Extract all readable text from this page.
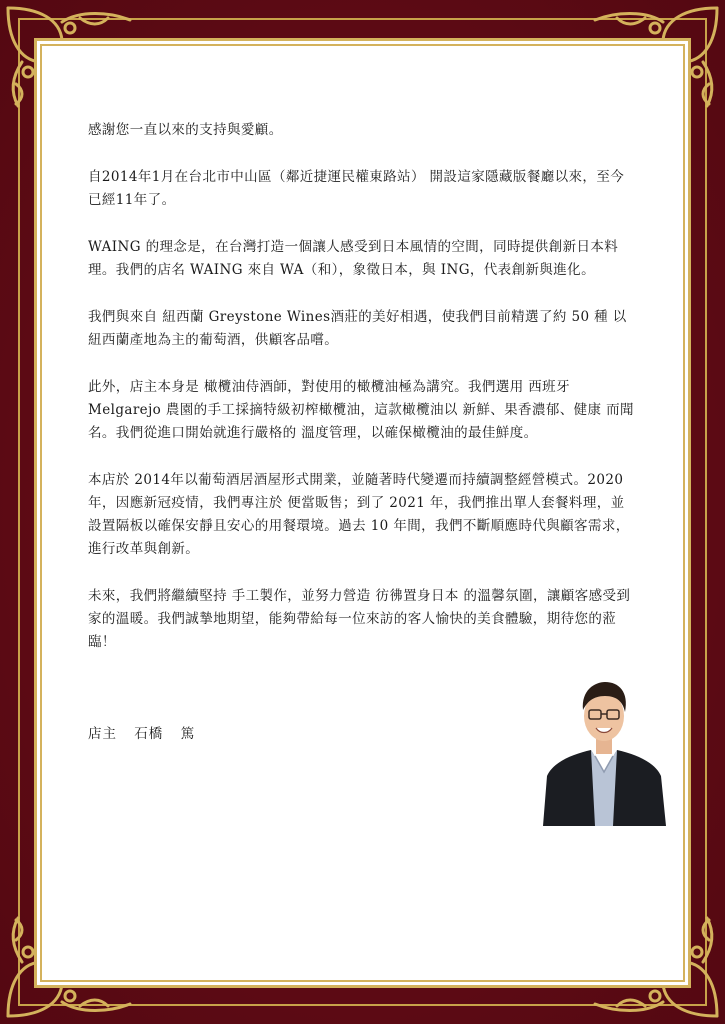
感謝您一直以來的支持與愛顧。

自2014年1月在台北市中山區（鄰近捷運民權東路站） 開設這家隱藏版餐廳以來，至今已經11年了。

WAING 的理念是，在台灣打造一個讓人感受到日本風情的空間，同時提供創新日本料理。我們的店名 WAING 來自 WA（和），象徵日本，與 ING，代表創新與進化。

我們與來自 紐西蘭 Greystone Wines酒莊的美好相遇，使我們目前精選了約 50 種 以紐西蘭產地為主的葡萄酒，供顧客品嚐。

此外，店主本身是 橄欖油侍酒師，對使用的橄欖油極為講究。我們選用 西班牙 Melgarejo 農園的手工採摘特級初榨橄欖油，這款橄欖油以 新鮮、果香濃郁、健康 而聞名。我們從進口開始就進行嚴格的 溫度管理，以確保橄欖油的最佳鮮度。

本店於 2014年以葡萄酒居酒屋形式開業，並隨著時代變遷而持續調整經營模式。2020 年，因應新冠疫情，我們專注於 便當販售；到了 2021 年，我們推出單人套餐料理，並設置隔板以確保安靜且安心的用餐環境。過去 10 年間，我們不斷順應時代與顧客需求，進行改革與創新。

未來，我們將繼續堅持 手工製作，並努力營造 彷彿置身日本 的溫馨氛圍，讓顧客感受到家的溫暖。我們誠摯地期望，能夠帶給每一位來訪的客人愉快的美食體驗，期待您的蒞臨！

店主 石橋 篤
